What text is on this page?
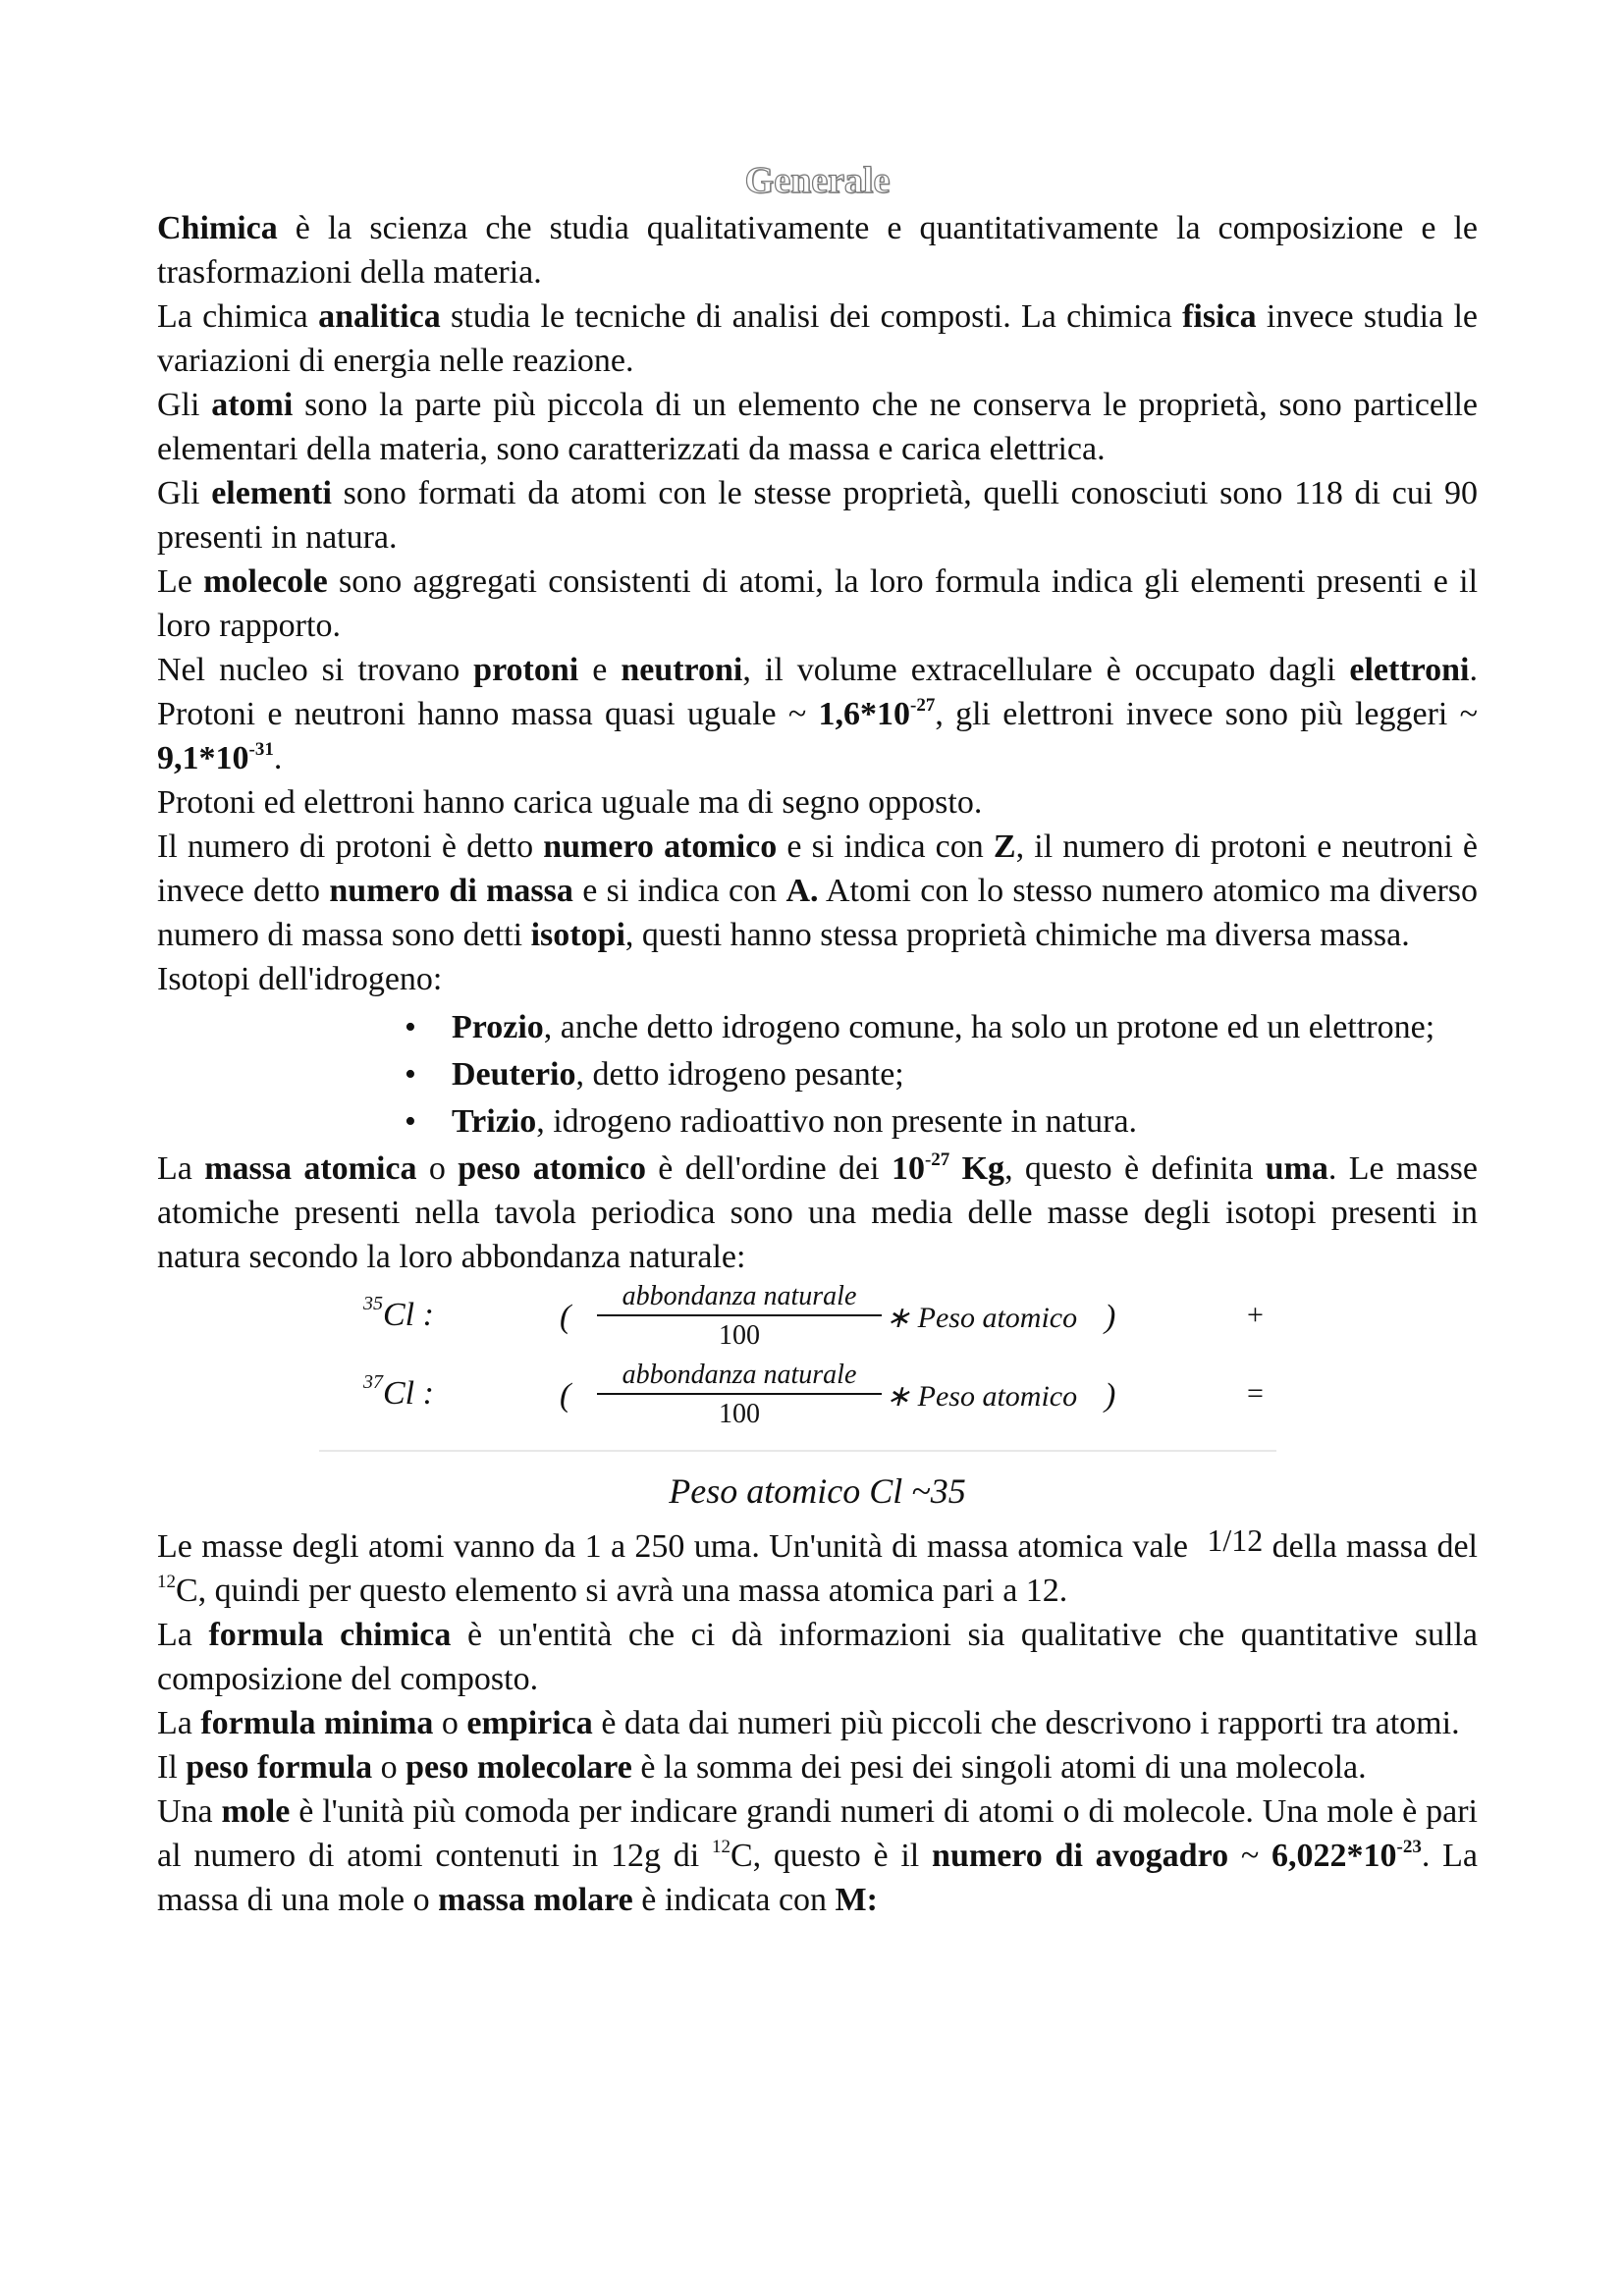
Generale

Chimica è la scienza che studia qualitativamente e quantitativamente la composizione e le trasformazioni della materia.

La chimica analitica studia le tecniche di analisi dei composti. La chimica fisica invece studia le variazioni di energia nelle reazione.

Gli atomi sono la parte più piccola di un elemento che ne conserva le proprietà, sono particelle elementari della materia, sono caratterizzati da massa e carica elettrica.

Gli elementi sono formati da atomi con le stesse proprietà, quelli conosciuti sono 118 di cui 90 presenti in natura.

Le molecole sono aggregati consistenti di atomi, la loro formula indica gli elementi presenti e il loro rapporto.

Nel nucleo si trovano protoni e neutroni, il volume extracellulare è occupato dagli elettroni. Protoni e neutroni hanno massa quasi uguale ~ $1,6*10^{-27}$, gli elettroni invece sono più leggeri ~ $9,1*10^{-31}$.

Protoni ed elettroni hanno carica uguale ma di segno opposto.

Il numero di protoni è detto numero atomico e si indica con Z, il numero di protoni e neutroni è invece detto numero di massa e si indica con A. Atomi con lo stesso numero atomico ma diverso numero di massa sono detti isotopi, questi hanno stessa proprietà chimiche ma diversa massa.

Isotopi dell'idrogeno:

• Prozio, anche detto idrogeno comune, ha solo un protone ed un elettrone;
• Deuterio, detto idrogeno pesante;
• Trizio, idrogeno radioattivo non presente in natura.

La massa atomica o peso atomico è dell'ordine dei $10^{-27}$ Kg, questo è definita uma. Le masse atomiche presenti nella tavola periodica sono una media delle masse degli isotopi presenti in natura secondo la loro abbondanza naturale:

$^{35}$Cl :	(
abbondanza naturale
100
∗ Peso atomico )	+
$^{37}$Cl :	(
abbondanza naturale
100
∗ Peso atomico )	=
Peso atomico Cl ~35

Le masse degli atomi vanno da 1 a 250 uma. Un'unità di massa atomica vale 1/12 della massa del $^{12}$C, quindi per questo elemento si avrà una massa atomica pari a 12.

La formula chimica è un'entità che ci dà informazioni sia qualitative che quantitative sulla composizione del composto.

La formula minima o empirica è data dai numeri più piccoli che descrivono i rapporti tra atomi.

Il peso formula o peso molecolare è la somma dei pesi dei singoli atomi di una molecola.

Una mole è l'unità più comoda per indicare grandi numeri di atomi o di molecole. Una mole è pari al numero di atomi contenuti in 12g di $^{12}$C, questo è il numero di avogadro ~ $6,022*10^{-23}$. La massa di una mole o massa molare è indicata con M:
